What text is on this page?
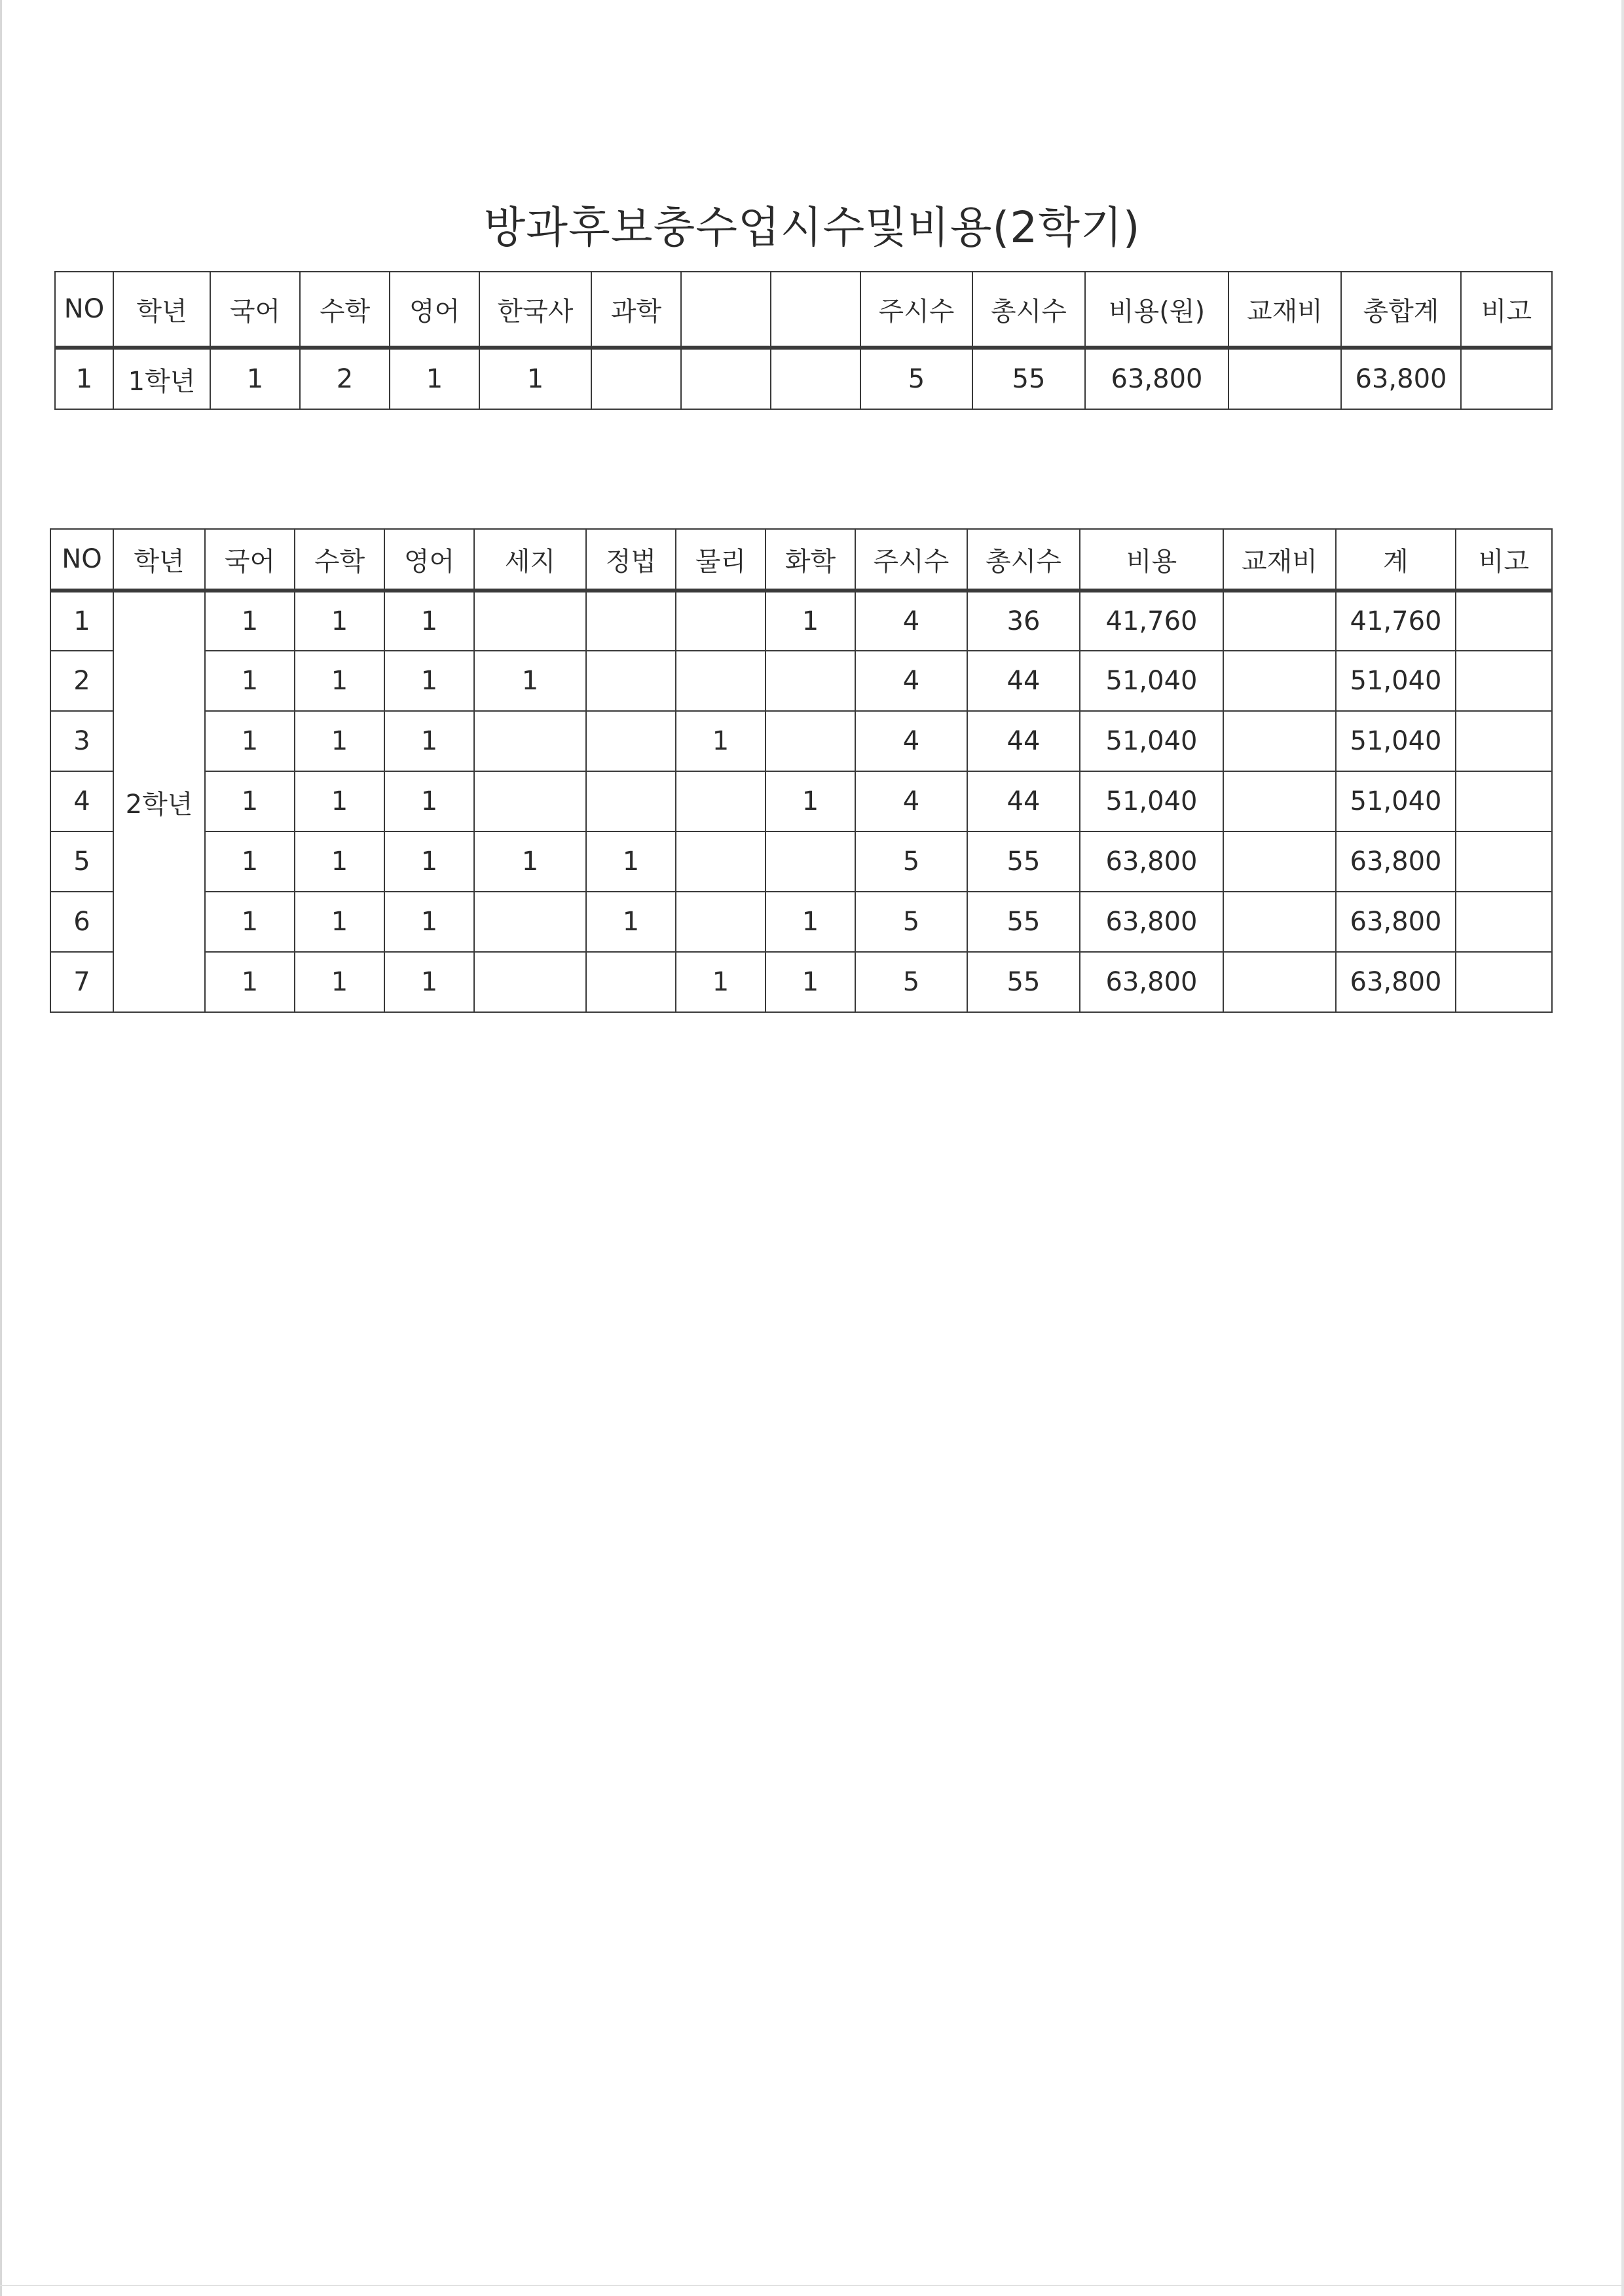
방과후보충수업시수및비용(2학기)
NO	학년	국어	수학	영어	한국사	과학			주시수	총시수	비용(원)	교재비	총합계	비고
1	1학년	1	2	1	1				5	55	63,800		63,800	
NO	학년	국어	수학	영어	세지	정법	물리	화학	주시수	총시수	비용	교재비	계	비고
1	2학년	1	1	1				1	4	36	41,760		41,760	
2		1	1	1	1				4	44	51,040		51,040	
3		1	1	1			1		4	44	51,040		51,040	
4		1	1	1				1	4	44	51,040		51,040	
5		1	1	1	1	1			5	55	63,800		63,800	
6		1	1	1		1		1	5	55	63,800		63,800	
7		1	1	1			1	1	5	55	63,800		63,800	
